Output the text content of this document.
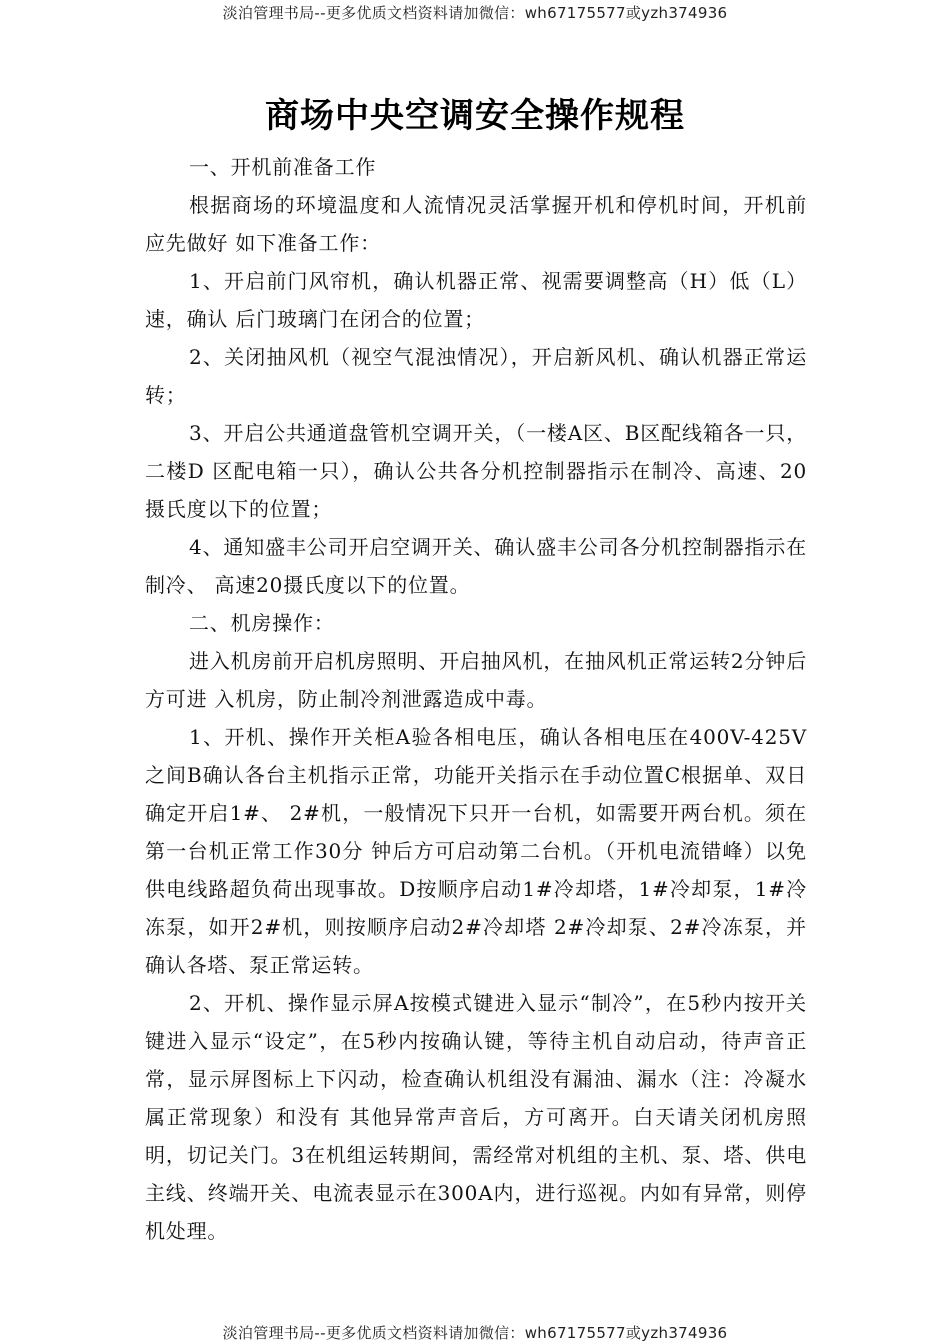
淡泊管理书局--更多优质文档资料请加微信：wh67175577或yzh374936
商场中央空调安全操作规程

一、开机前准备工作

根据商场的环境温度和人流情况灵活掌握开机和停机时间，开机前应先做好 如下准备工作：

1、开启前门风帘机，确认机器正常、视需要调整高（H）低（L）速，确认 后门玻璃门在闭合的位置；

2、关闭抽风机（视空气混浊情况），开启新风机、确认机器正常运转；

3、开启公共通道盘管机空调开关，（一楼A区、B区配线箱各一只，二楼D 区配电箱一只），确认公共各分机控制器指示在制冷、高速、20摄氏度以下的位置；

4、通知盛丰公司开启空调开关、确认盛丰公司各分机控制器指示在制冷、 高速20摄氏度以下的位置。

二、机房操作：

进入机房前开启机房照明、开启抽风机，在抽风机正常运转2分钟后方可进 入机房，防止制冷剂泄露造成中毒。

1、开机、操作开关柜A验各相电压，确认各相电压在400V-425V之间B确认各台主机指示正常，功能开关指示在手动位置C根据单、双日确定开启1#、 2#机，一般情况下只开一台机，如需要开两台机。须在第一台机正常工作30分 钟后方可启动第二台机。（开机电流错峰）以免供电线路超负荷出现事故。D按顺序启动1#冷却塔，1#冷却泵，1#冷冻泵，如开2#机，则按顺序启动2#冷却塔 2#冷却泵、2#冷冻泵，并确认各塔、泵正常运转。

2、开机、操作显示屏A按模式键进入显示“制冷”，在5秒内按开关键进入显示“设定”，在5秒内按确认键，等待主机自动启动，待声音正常，显示屏图标上下闪动，检查确认机组没有漏油、漏水（注：冷凝水属正常现象）和没有 其他异常声音后，方可离开。白天请关闭机房照明，切记关门。3在机组运转期间，需经常对机组的主机、泵、塔、供电主线、终端开关、电流表显示在300A内，进行巡视。内如有异常，则停机处理。

淡泊管理书局--更多优质文档资料请加微信：wh67175577或yzh374936
